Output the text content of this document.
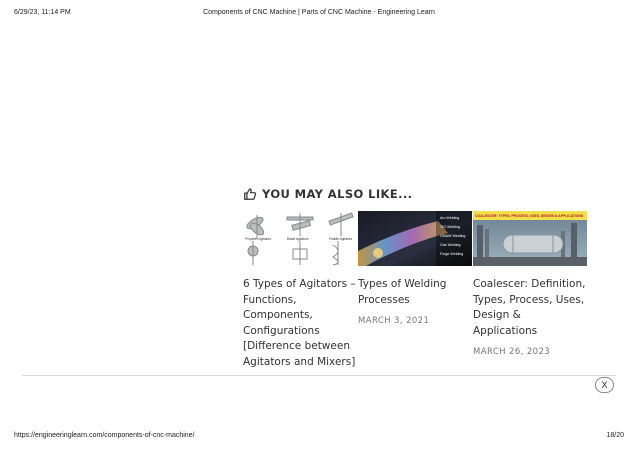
6/29/23, 11:14 PM	Components of CNC Machine | Parts of CNC Machine - Engineering Learn
YOU MAY ALSO LIKE...
Propeller Agitators	Blade Agitators	Paddle Agitators
6 Types of Agitators – Functions, Components, Configurations [Difference between Agitators and Mixers]
Arc Welding
TIG Welding
GMAW Welding
Gas Welding
Forge Welding
Types of Welding Processes
MARCH 3, 2021
COALESCER: TYPES, PROCESS, USES, DESIGN & APPLICATIONS
Coalescer: Definition, Types, Process, Uses, Design & Applications
MARCH 26, 2023
X
https://engineeringlearn.com/components-of-cnc-machine/	18/20
